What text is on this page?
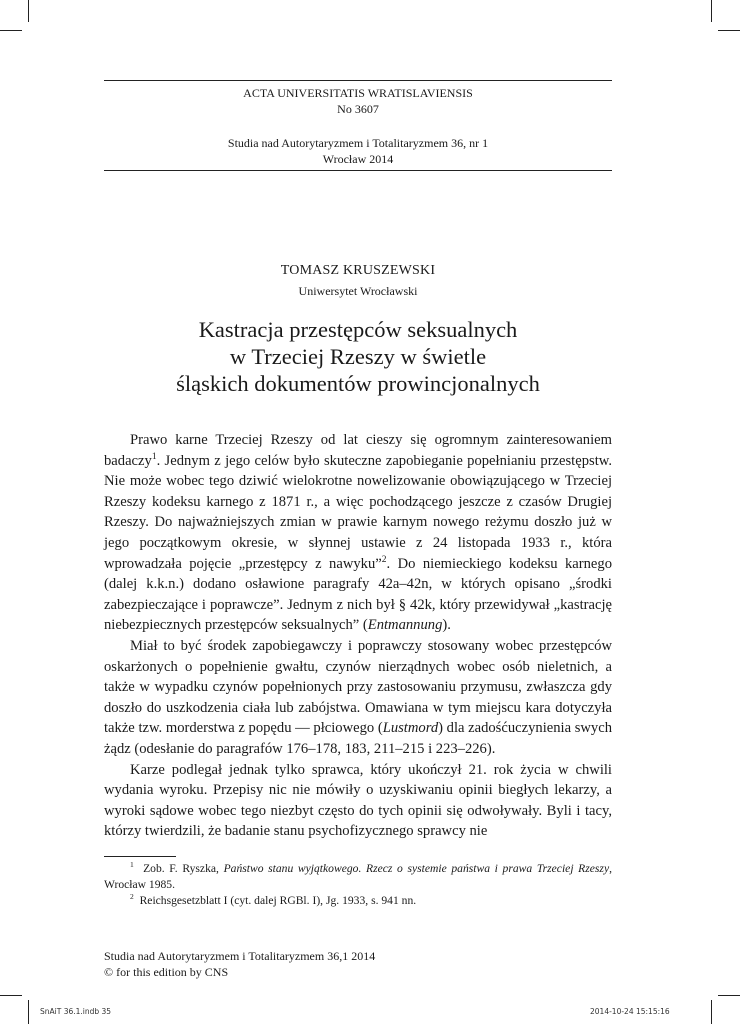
ACTA UNIVERSITATIS WRATISLAVIENSIS
No 3607
Studia nad Autorytaryzmem i Totalitaryzmem 36, nr 1
Wrocław 2014
TOMASZ KRUSZEWSKI
Uniwersytet Wrocławski
Kastracja przestępców seksualnych
w Trzeciej Rzeszy w świetle
śląskich dokumentów prowincjonalnych

Prawo karne Trzeciej Rzeszy od lat cieszy się ogromnym zainteresowaniem badaczy$^1$. Jednym z jego celów było skuteczne zapobieganie popełnianiu przestępstw. Nie może wobec tego dziwić wielokrotne nowelizowanie obowiązującego w Trzeciej Rzeszy kodeksu karnego z 1871 r., a więc pochodzącego jeszcze z czasów Drugiej Rzeszy. Do najważniejszych zmian w prawie karnym nowego reżymu doszło już w jego początkowym okresie, w słynnej ustawie z 24 listopada 1933 r., która wprowadzała pojęcie „przestępcy z nawyku”$^2$. Do niemieckiego kodeksu karnego (dalej k.k.n.) dodano osławione paragrafy 42a–42n, w których opisano „środki zabezpieczające i poprawcze”. Jednym z nich był § 42k, który przewidywał „kastrację niebezpiecznych przestępców seksualnych” (Entmannung).

Miał to być środek zapobiegawczy i poprawczy stosowany wobec przestępców oskarżonych o popełnienie gwałtu, czynów nierządnych wobec osób nieletnich, a także w wypadku czynów popełnionych przy zastosowaniu przymusu, zwłaszcza gdy doszło do uszkodzenia ciała lub zabójstwa. Omawiana w tym miejscu kara dotyczyła także tzw. morderstwa z popędu — płciowego (Lustmord) dla zadośćuczynienia swych żądz (odesłanie do paragrafów 176–178, 183, 211–215 i 223–226).

Karze podlegał jednak tylko sprawca, który ukończył 21. rok życia w chwili wydania wyroku. Przepisy nic nie mówiły o uzyskiwaniu opinii biegłych lekarzy, a wyroki sądowe wobec tego niezbyt często do tych opinii się odwoływały. Byli i tacy, którzy twierdzili, że badanie stanu psychofizycznego sprawcy nie

$^1$ Zob. F. Ryszka, Państwo stanu wyjątkowego. Rzecz o systemie państwa i prawa Trzeciej Rzeszy, Wrocław 1985.

$^2$ Reichsgesetzblatt I (cyt. dalej RGBl. I), Jg. 1933, s. 941 nn.

Studia nad Autorytaryzmem i Totalitaryzmem 36,1 2014
© for this edition by CNS
SnAiT 36.1.indb 35	2014-10-24 15:15:16
